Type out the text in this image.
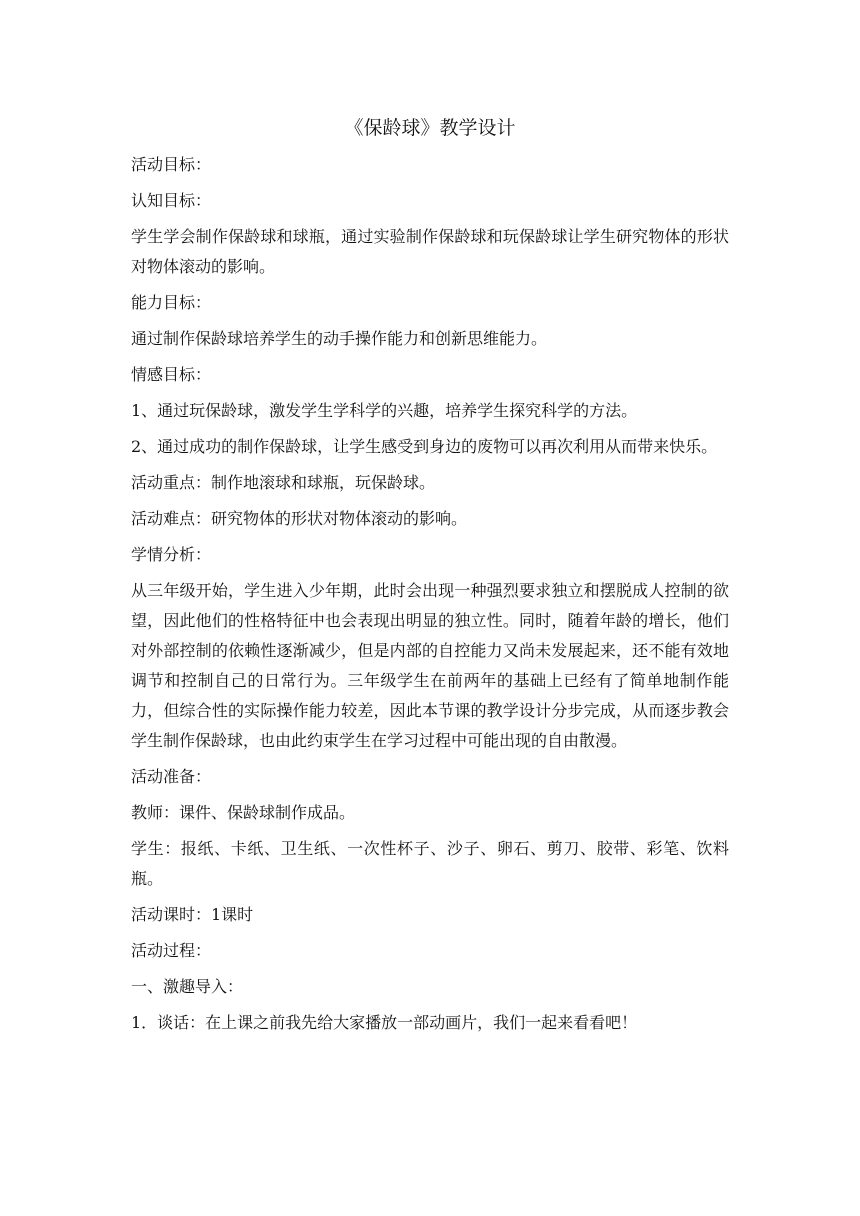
《保龄球》教学设计

活动目标：

认知目标：

学生学会制作保龄球和球瓶，通过实验制作保龄球和玩保龄球让学生研究物体的形状对物体滚动的影响。

能力目标：

通过制作保龄球培养学生的动手操作能力和创新思维能力。

情感目标：

1、通过玩保龄球，激发学生学科学的兴趣，培养学生探究科学的方法。

2、通过成功的制作保龄球，让学生感受到身边的废物可以再次利用从而带来快乐。

活动重点：制作地滚球和球瓶，玩保龄球。

活动难点：研究物体的形状对物体滚动的影响。

学情分析：

从三年级开始，学生进入少年期，此时会出现一种强烈要求独立和摆脱成人控制的欲望，因此他们的性格特征中也会表现出明显的独立性。同时，随着年龄的增长，他们对外部控制的依赖性逐渐减少，但是内部的自控能力又尚未发展起来，还不能有效地调节和控制自己的日常行为。三年级学生在前两年的基础上已经有了简单地制作能力，但综合性的实际操作能力较差，因此本节课的教学设计分步完成，从而逐步教会学生制作保龄球，也由此约束学生在学习过程中可能出现的自由散漫。

活动准备：

教师：课件、保龄球制作成品。

学生：报纸、卡纸、卫生纸、一次性杯子、沙子、卵石、剪刀、胶带、彩笔、饮料瓶。

活动课时：1课时

活动过程：

一、激趣导入：

1．谈话：在上课之前我先给大家播放一部动画片，我们一起来看看吧！
